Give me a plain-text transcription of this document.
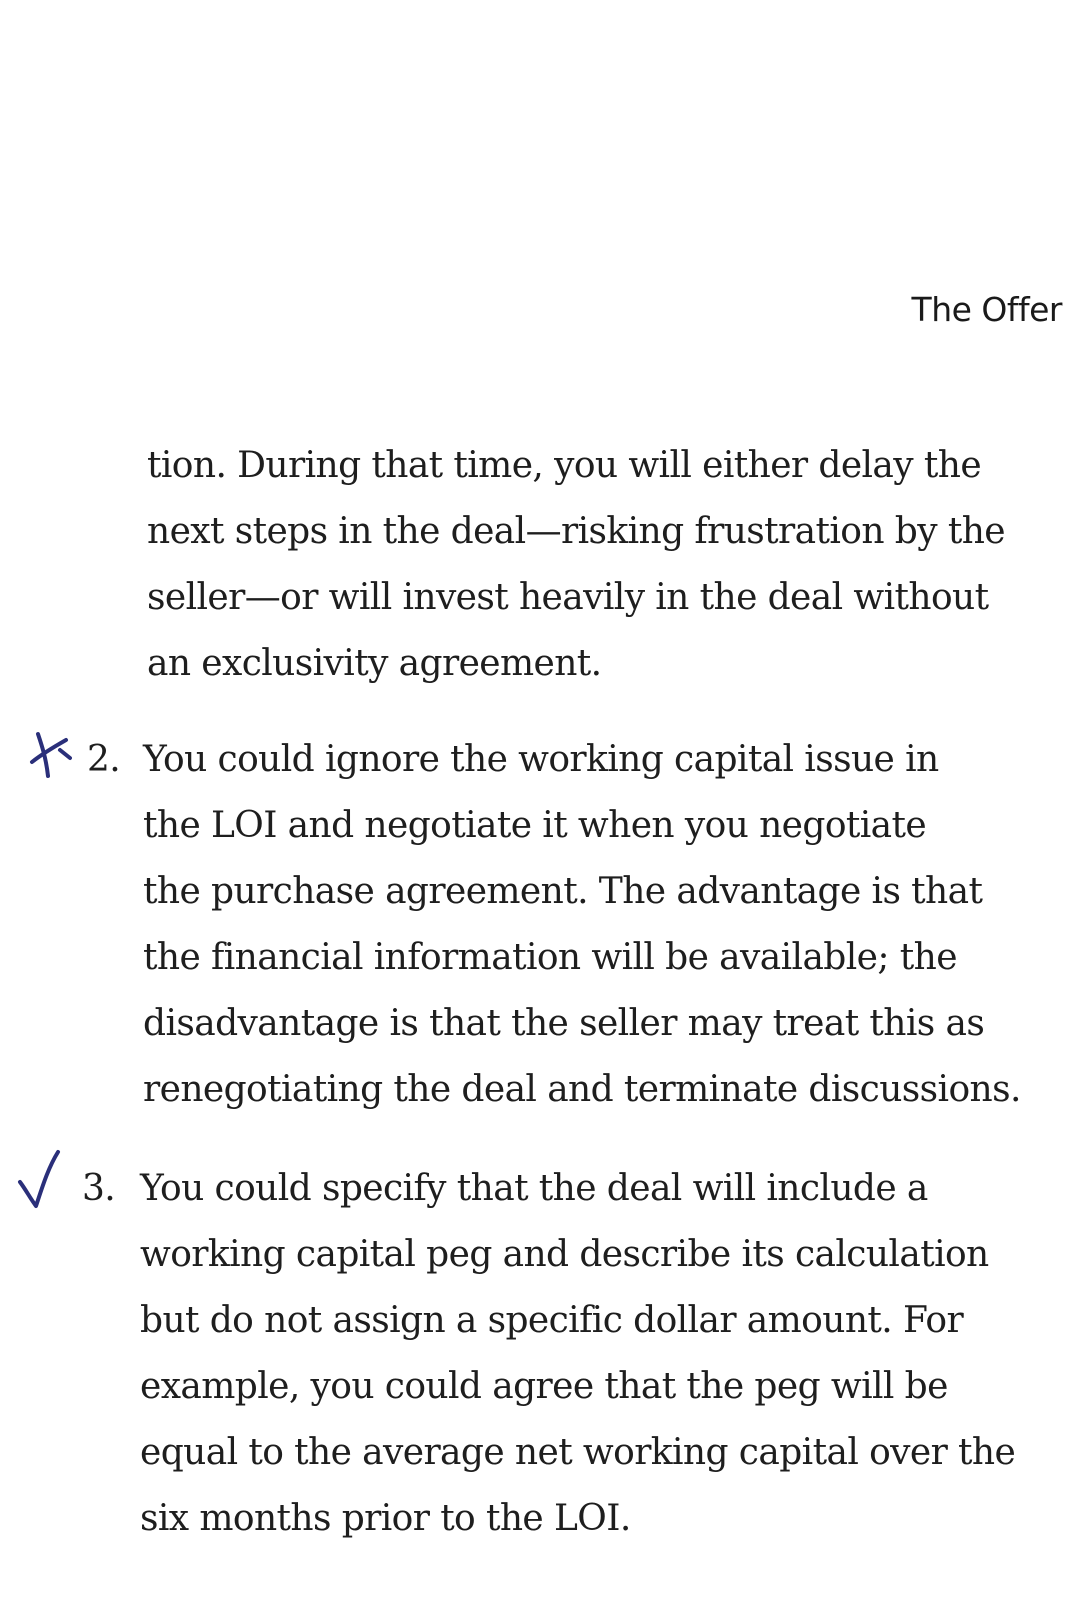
The Offer

tion. During that time, you will either delay the
next steps in the deal—risking frustration by the
seller—or will invest heavily in the deal without
an exclusivity agreement.

2. You could ignore the working capital issue in
the LOI and negotiate it when you negotiate
the purchase agreement. The advantage is that
the financial information will be available; the
disadvantage is that the seller may treat this as
renegotiating the deal and terminate discussions.

3. You could specify that the deal will include a
working capital peg and describe its calculation
but do not assign a specific dollar amount. For
example, you could agree that the peg will be
equal to the average net working capital over the
six months prior to the LOI.
